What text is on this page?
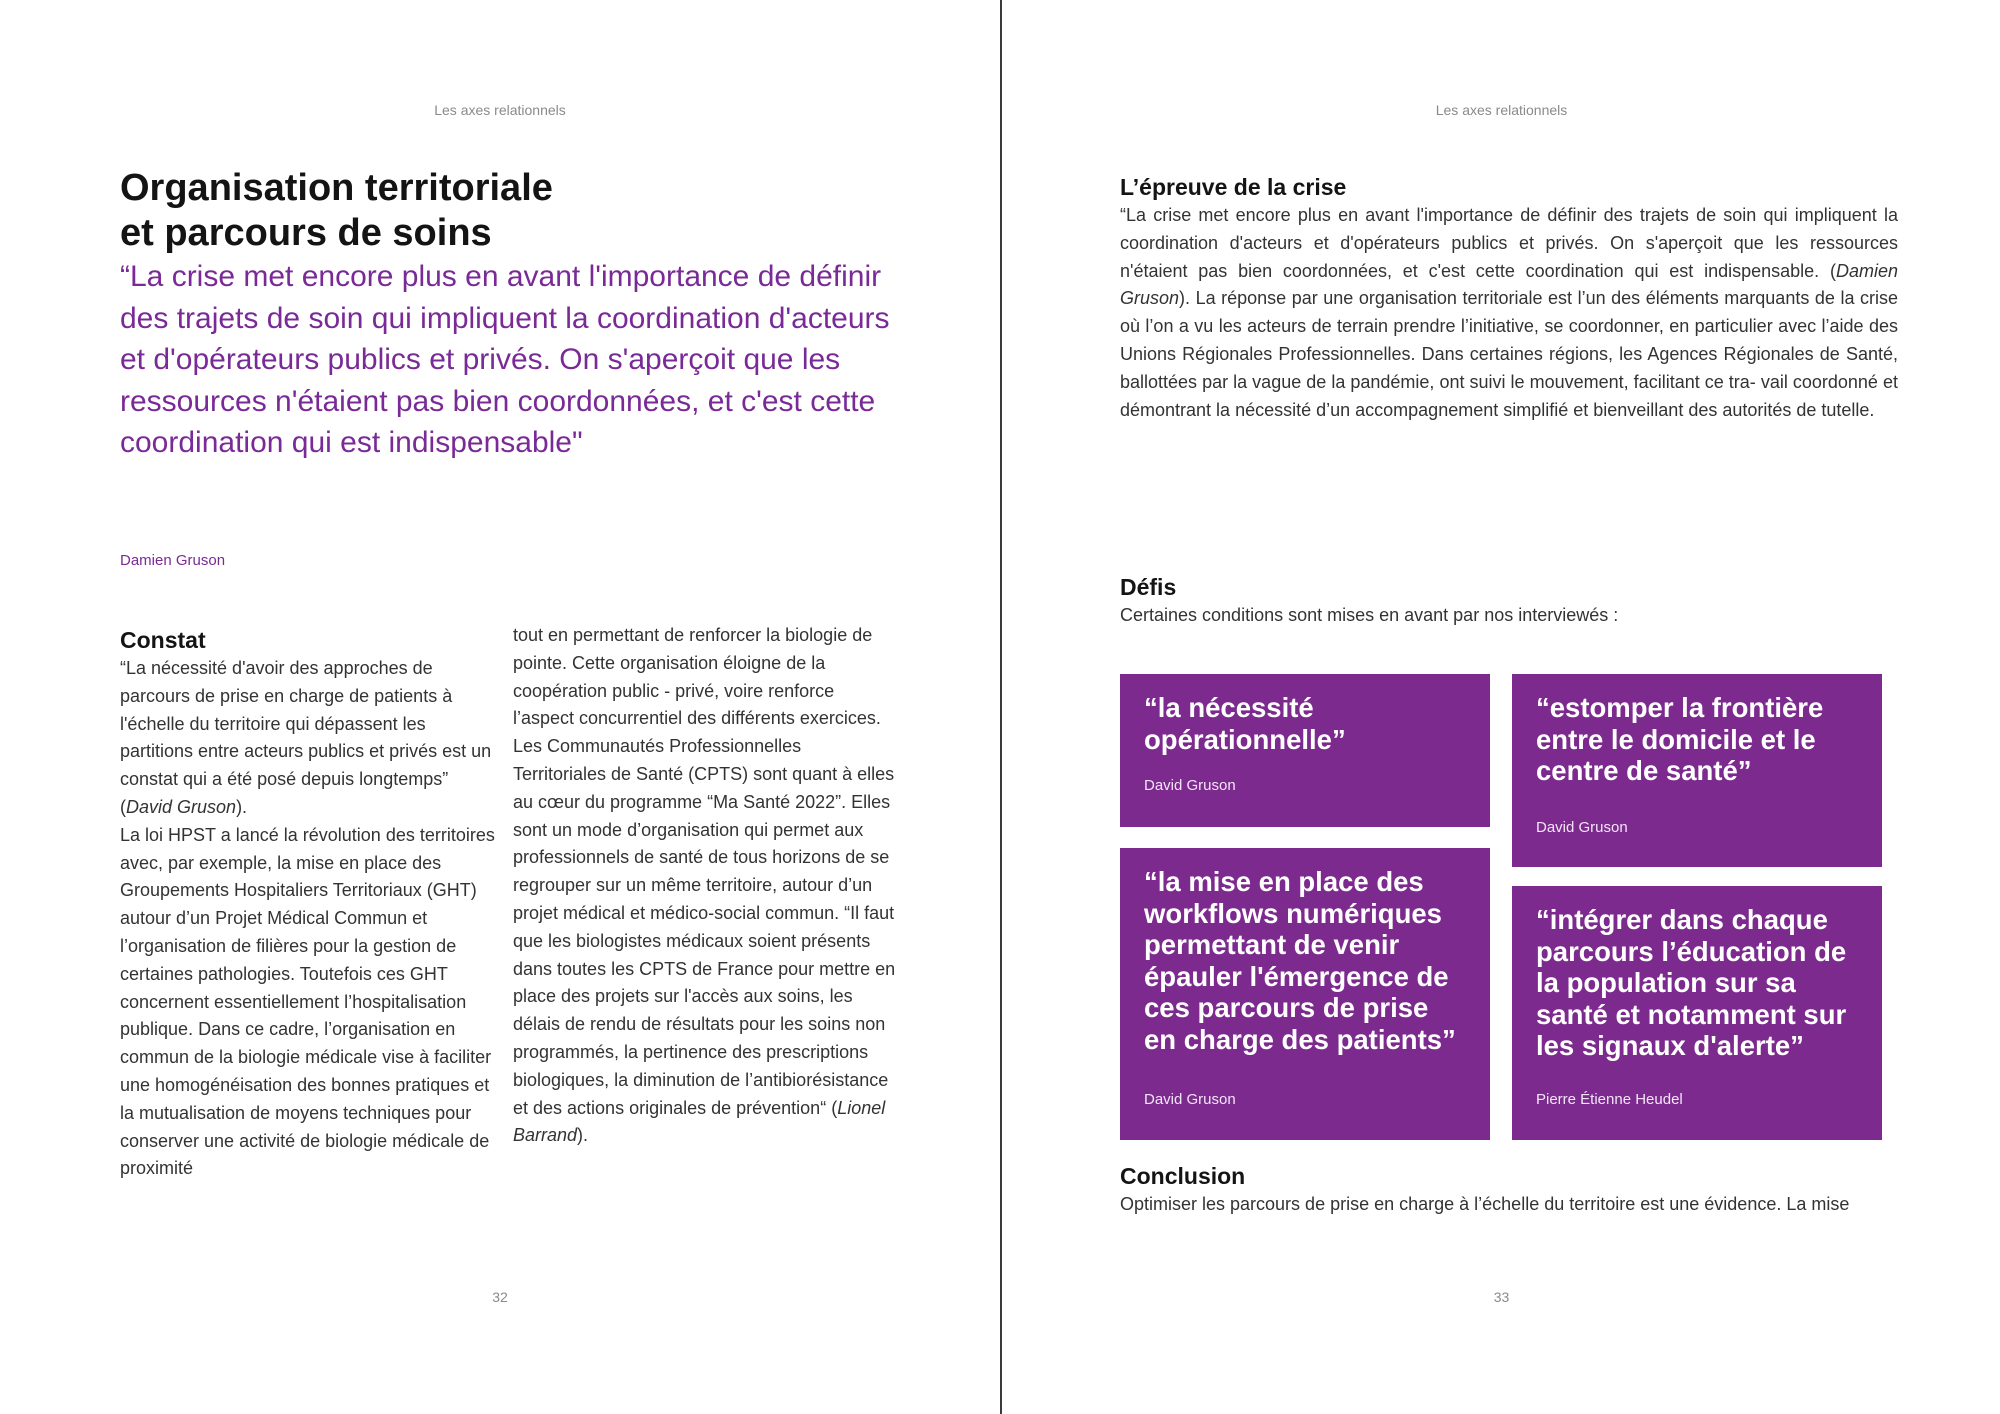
Les axes relationnels
Organisation territoriale
et parcours de soins

“La crise met encore plus en avant l'importance de définir des trajets de soin qui impliquent la coordination d'acteurs et d'opérateurs publics et privés. On s'aperçoit que les ressources n'étaient pas bien coordonnées, et c'est cette coordination qui est indispensable"

Damien Gruson
Constat

“La nécessité d'avoir des approches de parcours de prise en charge de patients à l'échelle du territoire qui dépassent les partitions entre acteurs publics et privés est un constat qui a été posé depuis longtemps” (David Gruson).

La loi HPST a lancé la révolution des territoires avec, par exemple, la mise en place des Groupements Hospitaliers Territoriaux (GHT) autour d’un Projet Médical Commun et l’organisation de filières pour la gestion de certaines pathologies. Toutefois ces GHT concernent essentiellement l’hospitalisation publique. Dans ce cadre, l’organisation en commun de la biologie médicale vise à faciliter une homogénéisation des bonnes pratiques et la mutualisation de moyens techniques pour conserver une activité de biologie médicale de proximité

tout en permettant de renforcer la biologie de pointe. Cette organisation éloigne de la coopération public - privé, voire renforce l’aspect concurrentiel des différents exercices.

Les Communautés Professionnelles Territoriales de Santé (CPTS) sont quant à elles au cœur du programme “Ma Santé 2022”. Elles sont un mode d’organisation qui permet aux professionnels de santé de tous horizons de se regrouper sur un même territoire, autour d’un projet médical et médico-social commun. “Il faut que les biologistes médicaux soient présents dans toutes les CPTS de France pour mettre en place des projets sur l'accès aux soins, les délais de rendu de résultats pour les soins non programmés, la pertinence des prescriptions biologiques, la diminution de l’antibiorésistance et des actions originales de prévention“ (Lionel Barrand).

32
Les axes relationnels
L’épreuve de la crise

“La crise met encore plus en avant l'importance de définir des trajets de soin qui impliquent la coordination d'acteurs et d'opérateurs publics et privés. On s'aperçoit que les ressources n'étaient pas bien coordonnées, et c'est cette coordination qui est indispensable. (Damien Gruson). La réponse par une organisation territoriale est l’un des éléments marquants de la crise où l’on a vu les acteurs de terrain prendre l’initiative, se coordonner, en particulier avec l’aide des Unions Régionales Professionnelles. Dans certaines régions, les Agences Régionales de Santé, ballottées par la vague de la pandémie, ont suivi le mouvement, facilitant ce tra- vail coordonné et démontrant la nécessité d’un accompagnement simplifié et bienveillant des autorités de tutelle.

Défis

Certaines conditions sont mises en avant par nos interviewés :

“la nécessité opérationnelle”

David Gruson

“estomper la frontière entre le domicile et le centre de santé”

David Gruson

“la mise en place des workflows numériques permettant de venir épauler l'émergence de ces parcours de prise en charge des patients”

David Gruson

“intégrer dans chaque parcours l’éducation de la population sur sa santé et notamment sur les signaux d'alerte”

Pierre Étienne Heudel
Conclusion

Optimiser les parcours de prise en charge à l’échelle du territoire est une évidence. La mise

33
